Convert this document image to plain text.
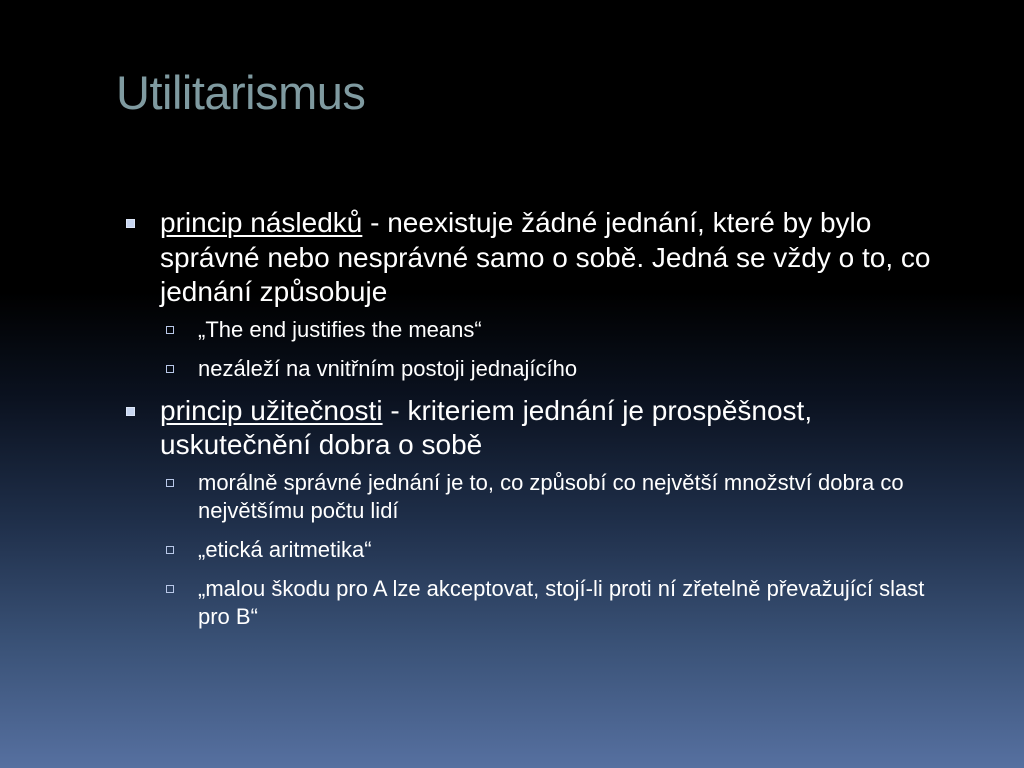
Utilitarismus
princip následků - neexistuje žádné jednání, které by bylo správné nebo nesprávné samo o sobě. Jedná se vždy o to, co jednání způsobuje
„The end justifies the means“
nezáleží na vnitřním postoji jednajícího
princip užitečnosti - kriteriem jednání je prospěšnost, uskutečnění dobra o sobě
morálně správné jednání je to, co způsobí co největší množství dobra co největšímu počtu lidí
„etická aritmetika“
„malou škodu pro A lze akceptovat, stojí-li proti ní zřetelně převažující slast pro B“
